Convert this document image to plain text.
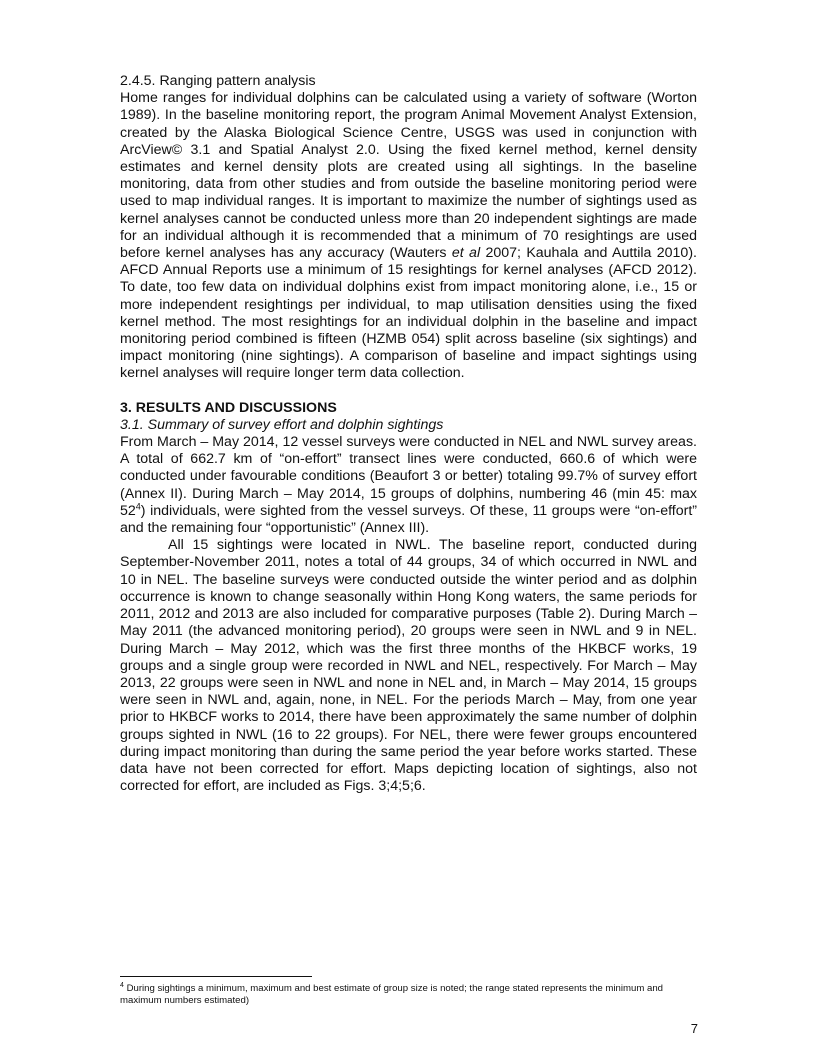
2.4.5. Ranging pattern analysis

Home ranges for individual dolphins can be calculated using a variety of software (Worton 1989). In the baseline monitoring report, the program Animal Movement Analyst Extension, created by the Alaska Biological Science Centre, USGS was used in conjunction with ArcView© 3.1 and Spatial Analyst 2.0. Using the fixed kernel method, kernel density estimates and kernel density plots are created using all sightings. In the baseline monitoring, data from other studies and from outside the baseline monitoring period were used to map individual ranges. It is important to maximize the number of sightings used as kernel analyses cannot be conducted unless more than 20 independent sightings are made for an individual although it is recommended that a minimum of 70 resightings are used before kernel analyses has any accuracy (Wauters et al 2007; Kauhala and Auttila 2010). AFCD Annual Reports use a minimum of 15 resightings for kernel analyses (AFCD 2012). To date, too few data on individual dolphins exist from impact monitoring alone, i.e., 15 or more independent resightings per individual, to map utilisation densities using the fixed kernel method. The most resightings for an individual dolphin in the baseline and impact monitoring period combined is fifteen (HZMB 054) split across baseline (six sightings) and impact monitoring (nine sightings). A comparison of baseline and impact sightings using kernel analyses will require longer term data collection.

3. RESULTS AND DISCUSSIONS

3.1. Summary of survey effort and dolphin sightings

From March – May 2014, 12 vessel surveys were conducted in NEL and NWL survey areas. A total of 662.7 km of “on-effort” transect lines were conducted, 660.6 of which were conducted under favourable conditions (Beaufort 3 or better) totaling 99.7% of survey effort (Annex II). During March – May 2014, 15 groups of dolphins, numbering 46 (min 45: $\max 52^4$) individuals, were sighted from the vessel surveys. Of these, 11 groups were “on-effort” and the remaining four “opportunistic” (Annex III).

All 15 sightings were located in NWL. The baseline report, conducted during September-November 2011, notes a total of 44 groups, 34 of which occurred in NWL and 10 in NEL. The baseline surveys were conducted outside the winter period and as dolphin occurrence is known to change seasonally within Hong Kong waters, the same periods for 2011, 2012 and 2013 are also included for comparative purposes (Table 2). During March – May 2011 (the advanced monitoring period), 20 groups were seen in NWL and 9 in NEL. During March – May 2012, which was the first three months of the HKBCF works, 19 groups and a single group were recorded in NWL and NEL, respectively. For March – May 2013, 22 groups were seen in NWL and none in NEL and, in March – May 2014, 15 groups were seen in NWL and, again, none, in NEL. For the periods March – May, from one year prior to HKBCF works to 2014, there have been approximately the same number of dolphin groups sighted in NWL (16 to 22 groups). For NEL, there were fewer groups encountered during impact monitoring than during the same period the year before works started. These data have not been corrected for effort. Maps depicting location of sightings, also not corrected for effort, are included as Figs. 3;4;5;6.

$^4$ During sightings a minimum, maximum and best estimate of group size is noted; the range stated represents the minimum and maximum numbers estimated)

7
